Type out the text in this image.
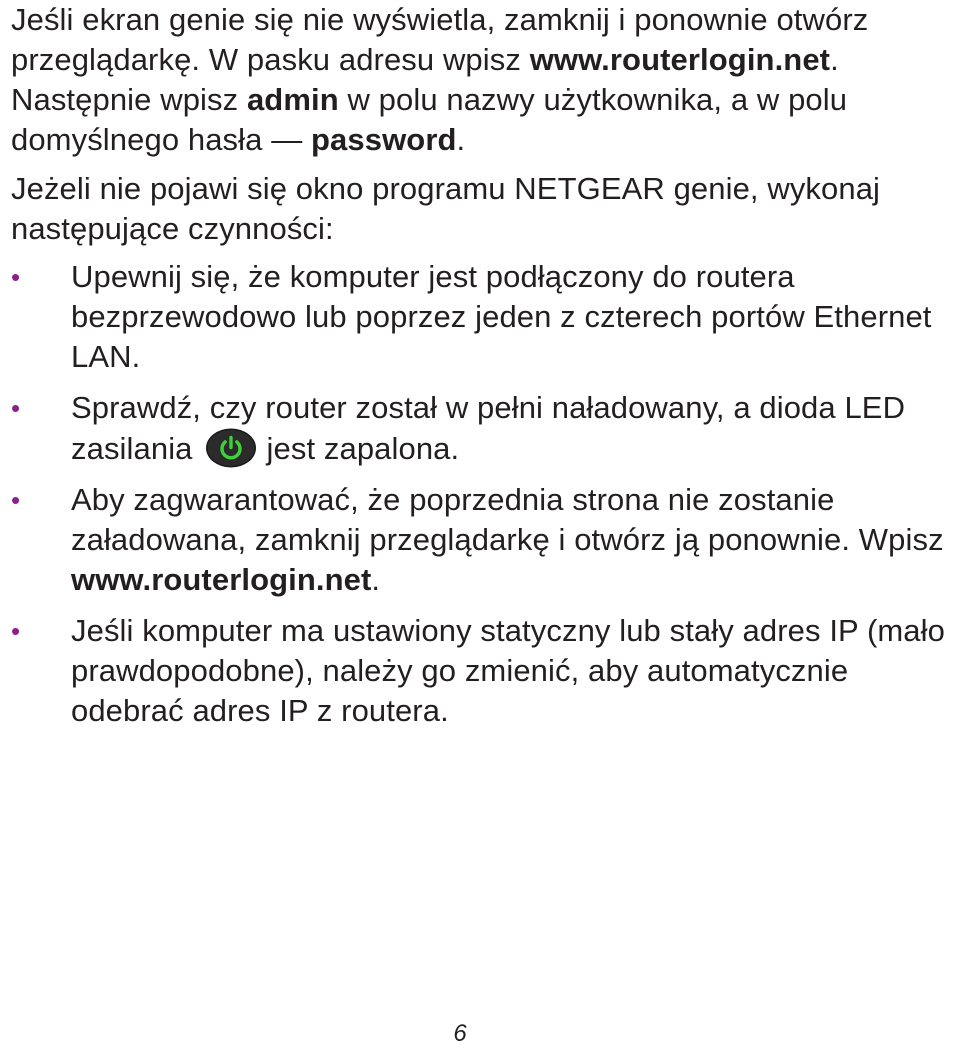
Jeśli ekran genie się nie wyświetla, zamknij i ponownie otwórz przeglądarkę. W pasku adresu wpisz www.routerlogin.net. Następnie wpisz admin w polu nazwy użytkownika, a w polu domyślnego hasła — password.

Jeżeli nie pojawi się okno programu NETGEAR genie, wykonaj następujące czynności:

• Upewnij się, że komputer jest podłączony do routera bezprzewodowo lub poprzez jeden z czterech portów Ethernet LAN.
• Sprawdź, czy router został w pełni naładowany, a dioda LED zasilania jest zapalona.
• Aby zagwarantować, że poprzednia strona nie zostanie załadowana, zamknij przeglądarkę i otwórz ją ponownie. Wpisz www.routerlogin.net.
• Jeśli komputer ma ustawiony statyczny lub stały adres IP (mało prawdopodobne), należy go zmienić, aby automatycznie odebrać adres IP z routera.
6
